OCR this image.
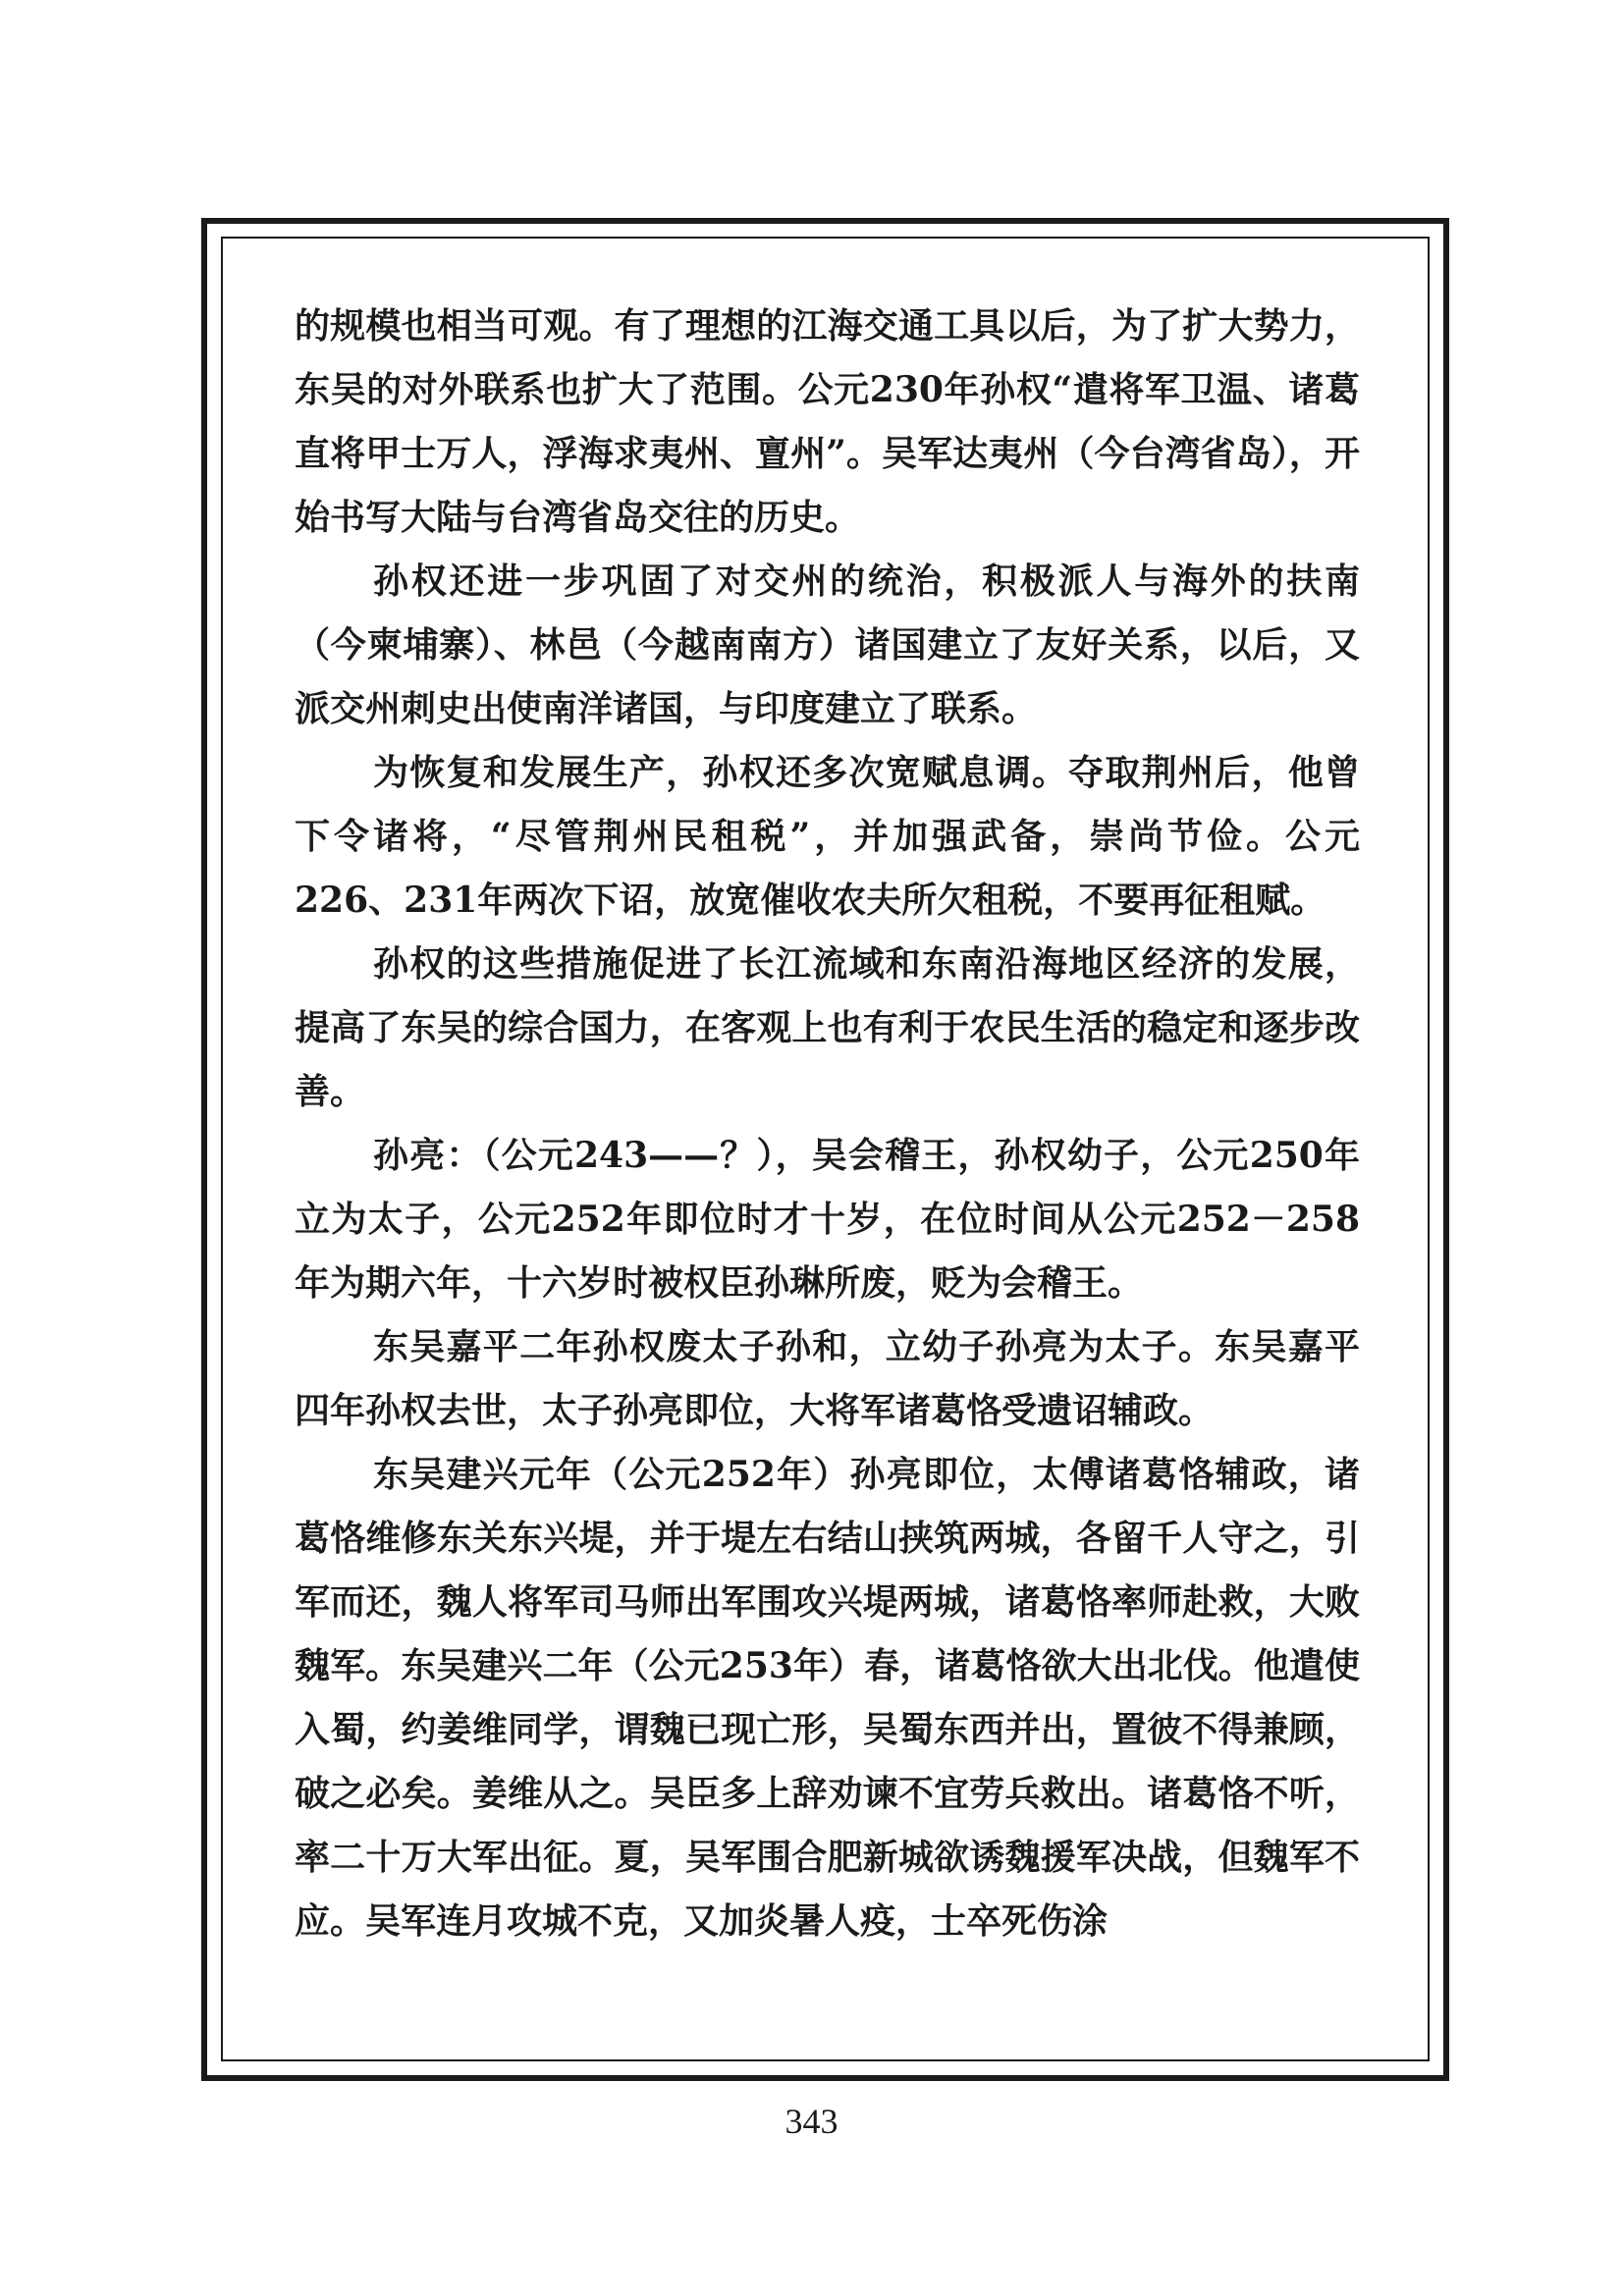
的规模也相当可观。有了理想的江海交通工具以后，为了扩大势力，东吴的对外联系也扩大了范围。公元230年孙权“遣将军卫温、诸葛直将甲士万人，浮海求夷州、亶州”。吴军达夷州（今台湾省岛），开始书写大陆与台湾省岛交往的历史。

孙权还进一步巩固了对交州的统治，积极派人与海外的扶南（今柬埔寨）、林邑（今越南南方）诸国建立了友好关系，以后，又派交州刺史出使南洋诸国，与印度建立了联系。

为恢复和发展生产，孙权还多次宽赋息调。夺取荆州后，他曾下令诸将，“尽管荆州民租税”，并加强武备，崇尚节俭。公元226、231年两次下诏，放宽催收农夫所欠租税，不要再征租赋。

孙权的这些措施促进了长江流域和东南沿海地区经济的发展，提高了东吴的综合国力，在客观上也有利于农民生活的稳定和逐步改善。

孙亮：（公元243——？），吴会稽王，孙权幼子，公元250年立为太子，公元252年即位时才十岁，在位时间从公元252－258年为期六年，十六岁时被权臣孙琳所废，贬为会稽王。

东吴嘉平二年孙权废太子孙和，立幼子孙亮为太子。东吴嘉平四年孙权去世，太子孙亮即位，大将军诸葛恪受遗诏辅政。

东吴建兴元年（公元252年）孙亮即位，太傅诸葛恪辅政，诸葛恪维修东关东兴堤，并于堤左右结山挟筑两城，各留千人守之，引军而还，魏人将军司马师出军围攻兴堤两城，诸葛恪率师赴救，大败魏军。东吴建兴二年（公元253年）春，诸葛恪欲大出北伐。他遣使入蜀，约姜维同学，谓魏已现亡形，吴蜀东西并出，置彼不得兼顾，破之必矣。姜维从之。吴臣多上辞劝谏不宜劳兵救出。诸葛恪不听，率二十万大军出征。夏，吴军围合肥新城欲诱魏援军决战，但魏军不应。吴军连月攻城不克，又加炎暑人疫，士卒死伤涂

343
